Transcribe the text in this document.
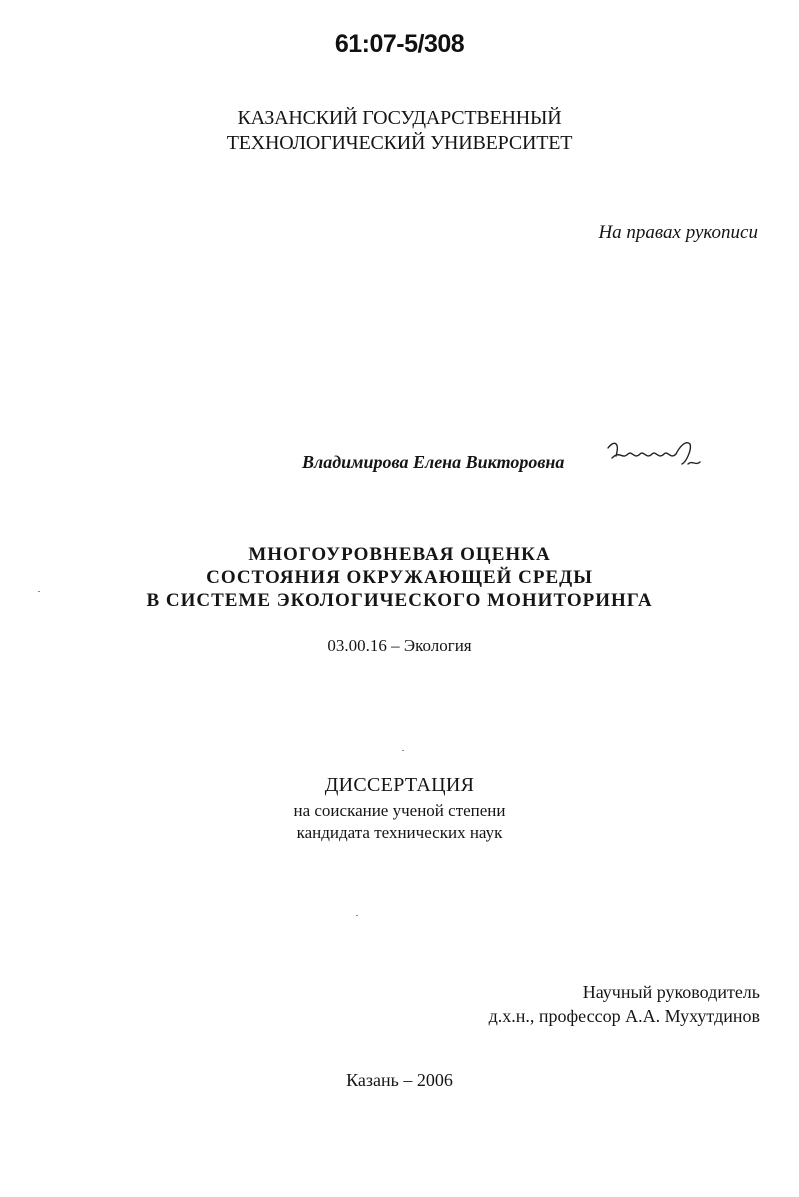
61:07-5/308
КАЗАНСКИЙ ГОСУДАРСТВЕННЫЙ
ТЕХНОЛОГИЧЕСКИЙ УНИВЕРСИТЕТ
На правах рукописи
Владимирова Елена Викторовна
МНОГОУРОВНЕВАЯ ОЦЕНКА
СОСТОЯНИЯ ОКРУЖАЮЩЕЙ СРЕДЫ
В СИСТЕМЕ ЭКОЛОГИЧЕСКОГО МОНИТОРИНГА
03.00.16 – Экология
ДИССЕРТАЦИЯ
на соискание ученой степени
кандидата технических наук
Научный руководитель
д.х.н., профессор А.А. Мухутдинов
Казань – 2006
